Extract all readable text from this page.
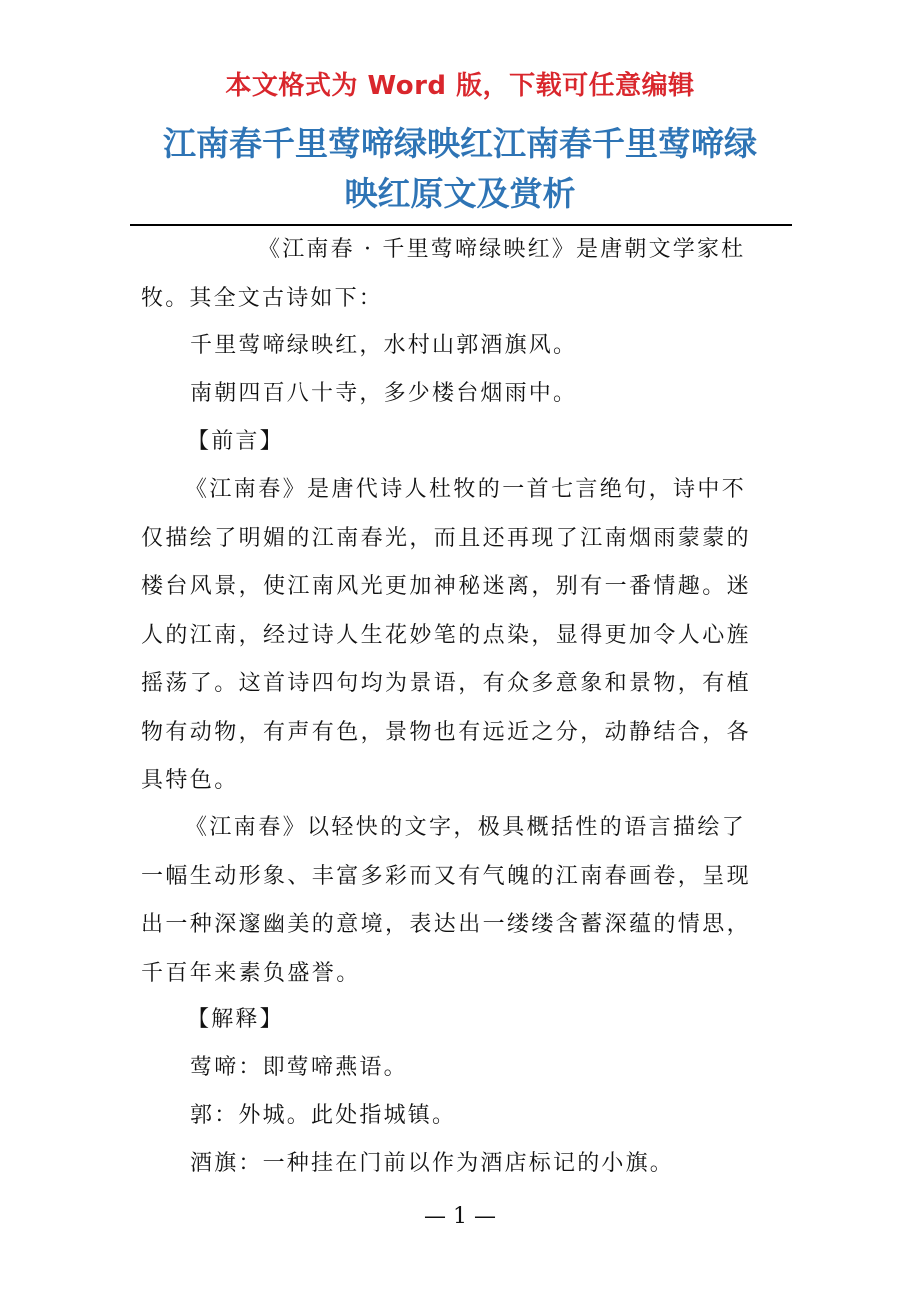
本文格式为 Word 版，下载可任意编辑
江南春千里莺啼绿映红江南春千里莺啼绿
映红原文及赏析

《江南春 · 千里莺啼绿映红》是唐朝文学家杜牧。其全文古诗如下：

千里莺啼绿映红，水村山郭酒旗风。

南朝四百八十寺，多少楼台烟雨中。

【前言】

《江南春》是唐代诗人杜牧的一首七言绝句，诗中不仅描绘了明媚的江南春光，而且还再现了江南烟雨蒙蒙的楼台风景，使江南风光更加神秘迷离，别有一番情趣。迷人的江南，经过诗人生花妙笔的点染，显得更加令人心旌摇荡了。这首诗四句均为景语，有众多意象和景物，有植物有动物，有声有色，景物也有远近之分，动静结合，各具特色。

《江南春》以轻快的文字，极具概括性的语言描绘了一幅生动形象、丰富多彩而又有气魄的江南春画卷，呈现出一种深邃幽美的意境，表达出一缕缕含蓄深蕴的情思，千百年来素负盛誉。

【解释】

莺啼：即莺啼燕语。

郭：外城。此处指城镇。

酒旗：一种挂在门前以作为酒店标记的小旗。

— 1 —
